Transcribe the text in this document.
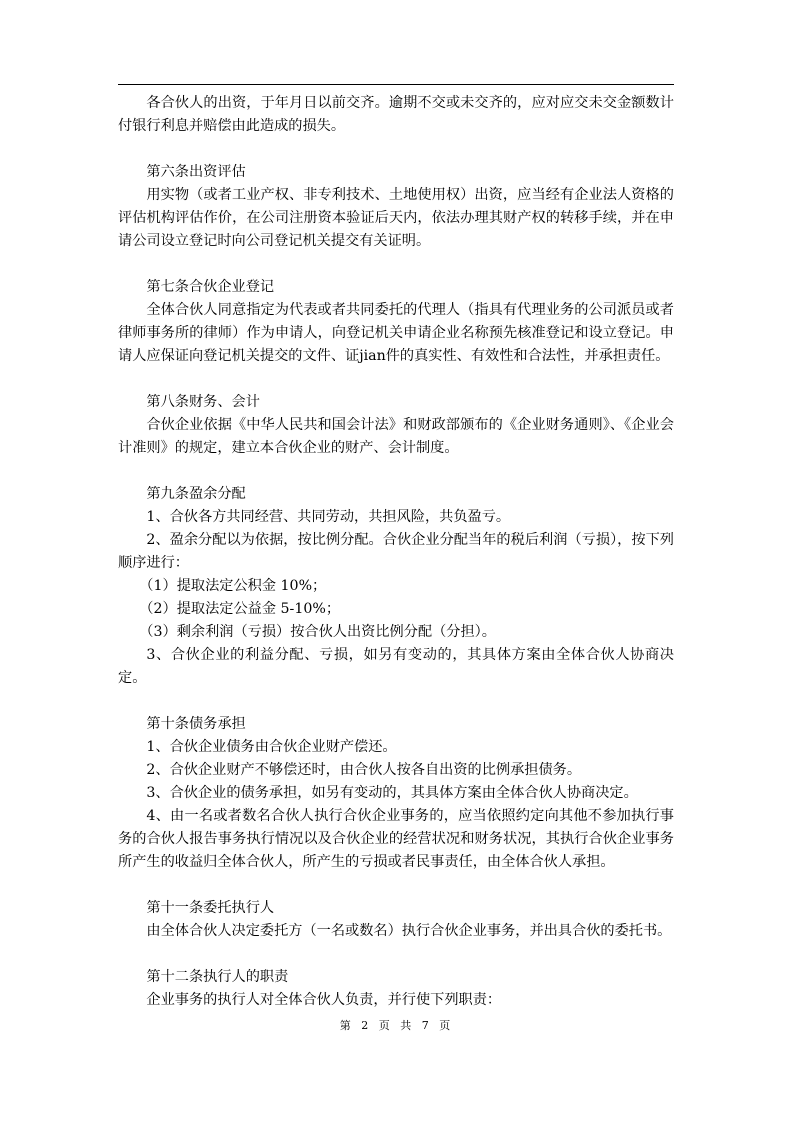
各合伙人的出资，于年月日以前交齐。逾期不交或未交齐的，应对应交未交金额数计付银行利息并赔偿由此造成的损失。

第六条出资评估

用实物（或者工业产权、非专利技术、土地使用权）出资，应当经有企业法人资格的评估机构评估作价，在公司注册资本验证后天内，依法办理其财产权的转移手续，并在申请公司设立登记时向公司登记机关提交有关证明。

第七条合伙企业登记

全体合伙人同意指定为代表或者共同委托的代理人（指具有代理业务的公司派员或者律师事务所的律师）作为申请人，向登记机关申请企业名称预先核准登记和设立登记。申请人应保证向登记机关提交的文件、证jian件的真实性、有效性和合法性，并承担责任。

第八条财务、会计

合伙企业依据《中华人民共和国会计法》和财政部颁布的《企业财务通则》、《企业会计准则》的规定，建立本合伙企业的财产、会计制度。

第九条盈余分配

1、合伙各方共同经营、共同劳动，共担风险，共负盈亏。

2、盈余分配以为依据，按比例分配。合伙企业分配当年的税后利润（亏损），按下列顺序进行：

（1）提取法定公积金 10%；

（2）提取法定公益金 5-10%；

（3）剩余利润（亏损）按合伙人出资比例分配（分担）。

3、合伙企业的利益分配、亏损，如另有变动的，其具体方案由全体合伙人协商决定。

第十条债务承担

1、合伙企业债务由合伙企业财产偿还。

2、合伙企业财产不够偿还时，由合伙人按各自出资的比例承担债务。

3、合伙企业的债务承担，如另有变动的，其具体方案由全体合伙人协商决定。

4、由一名或者数名合伙人执行合伙企业事务的，应当依照约定向其他不参加执行事务的合伙人报告事务执行情况以及合伙企业的经营状况和财务状况，其执行合伙企业事务所产生的收益归全体合伙人，所产生的亏损或者民事责任，由全体合伙人承担。

第十一条委托执行人

由全体合伙人决定委托方（一名或数名）执行合伙企业事务，并出具合伙的委托书。

第十二条执行人的职责

企业事务的执行人对全体合伙人负责，并行使下列职责：

第 2 页 共 7 页
